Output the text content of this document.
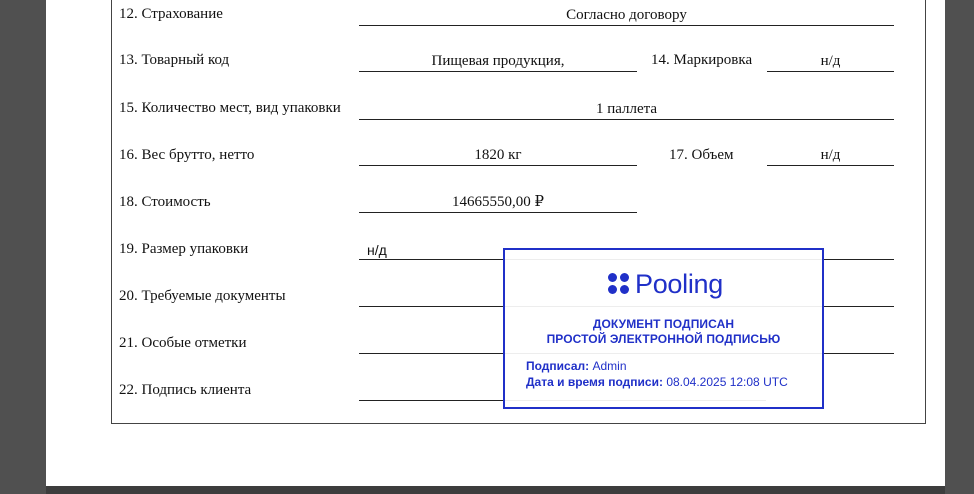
12. Страхование	Согласно договору
13. Товарный код	Пищевая продукция,	14. Маркировка	н/д
15. Количество мест, вид упаковки	1 паллета
16. Вес брутто, нетто	1820 кг	17. Объем	н/д
18. Стоимость	14665550,00 ₽
19. Размер упаковки	н/д
20. Требуемые документы
21. Особые отметки
22. Подпись клиента
Pooling
ДОКУМЕНТ ПОДПИСАН
ПРОСТОЙ ЭЛЕКТРОННОЙ ПОДПИСЬЮ
Подписал: Admin
Дата и время подписи: 08.04.2025 12:08 UTC
